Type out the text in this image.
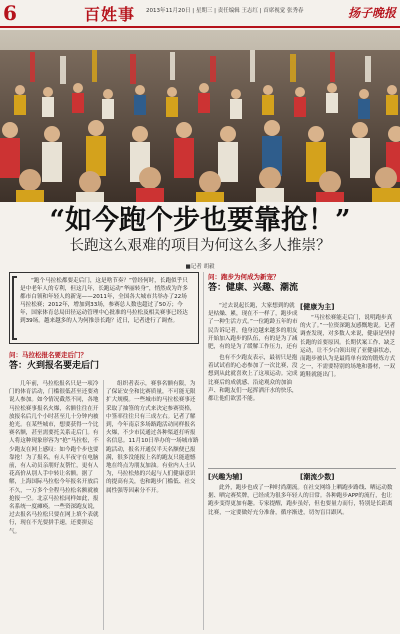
6	百姓事 2013年11月20日 | 星期三 | 责任编辑 王志红 | 首席视觉 张秀春	扬子晚报
“如今跑个步也要靠抢！”
长跑这么艰难的项目为何这么多人推崇？
■记者 胡毅
“跑个马拉松都要走后门，这是啥节奏？”曾经何时，长跑似乎只是中老年人的专利，但这几年，长跑运动“华丽转身”，悄然成为许多都市白领和年轻人的新宠——2011年，全国各大城市共举办了22场马拉松赛；2012年，增加到33场，参赛总人数也超过了50万；今年，国家体育总局田径运动管理中心批准的马拉松及相关赛事已经达到39场。越来越多的人为何推崇长跑？近日，记者进行了调查。
问：马拉松报名要走后门？
答：火到报名要走后门
几年前，马拉松报名只是一项冷门的体育活动，门槛很低甚至还要劝说人参加。如今情况截然不同，各地马拉松赛事报名火爆，名额往往在开放报名后几个小时甚至几十分钟内被抢光。在某些城市，想要获得一个比赛名额，甚至需要托关系走后门。有人将这种现象形容为“抢”马拉松，不少跑友在网上感叹：如今跑个步也要靠抢！为了报名，有人半夜守在电脑前，有人动员亲朋好友帮忙，更有人花高价从别人手中转让名额。据了解，上海国际马拉松今年报名开放后不久，一万多个全程马拉松名额就被抢报一空。北京马拉松同样如此，报名系统一度瘫痪。一些资深跑友说，过去报名马拉松只要在网上填个表就行，现在不光要拼手速，还要拼运气。
组织者表示，赛事名额有限，为了保证安全和比赛质量，不可能无限扩大规模。一些城市的马拉松赛事还采取了抽签的方式来决定参赛资格，中签率往往只有三成左右。记者了解到，今年南京多场路跑活动同样报名火爆，不少市民通过各种渠道打听报名信息。11月10日举办的一场城市路跑活动，报名开通仅半天名额便已报满，很多没能报上名的跑友只能遗憾地在终点为朋友加油。有业内人士认为，马拉松热的兴起与人们健康意识的提高有关，也和跑步门槛低、社交属性强等因素分不开。
问：跑步为何成为新宠？
答：健康、兴趣、潮流
“过去说起长跑，大家想到的就是枯燥、累，现在不一样了，跑步成了一种生活方式。”一位跑龄五年的市民告诉记者，他身边越来越多的朋友开始加入跑步的队伍，有的是为了减肥，有的是为了缓解工作压力，还有
[健康为主]
“马拉松赛能走后门，说明跑步真的火了。”一位资深跑友感慨地说。记者调查发现，对多数人来说，健康是坚持长跑的首要原因。长期伏案工作、缺乏运动，让不少白领出现了亚健康状态，而跑步被认为是最简单有效的锻炼方式之一，不需要特别的场地和器材，一双跑鞋就能出门。
也有不少跑友表示，最初只是抱着试试看的心态参加了一次比赛，没想到从此就喜欢上了这项运动。完成比赛后的成就感、沿途观众的加油声、和跑友们一起挥洒汗水的快乐，都让他们欲罢不能。
[兴趣为辅]	[潮流少数]
此外，跑步也成了一种时尚潮流。在社交网络上晒跑步路线、晒运动数据、晒完赛奖牌，已经成为很多年轻人的日常。各种跑步APP的流行，也让跑步变得更加有趣。专家提醒，跑步虽好，但也要量力而行，特别是长距离比赛，一定要做好充分准备，循序渐进，切勿盲目跟风。
